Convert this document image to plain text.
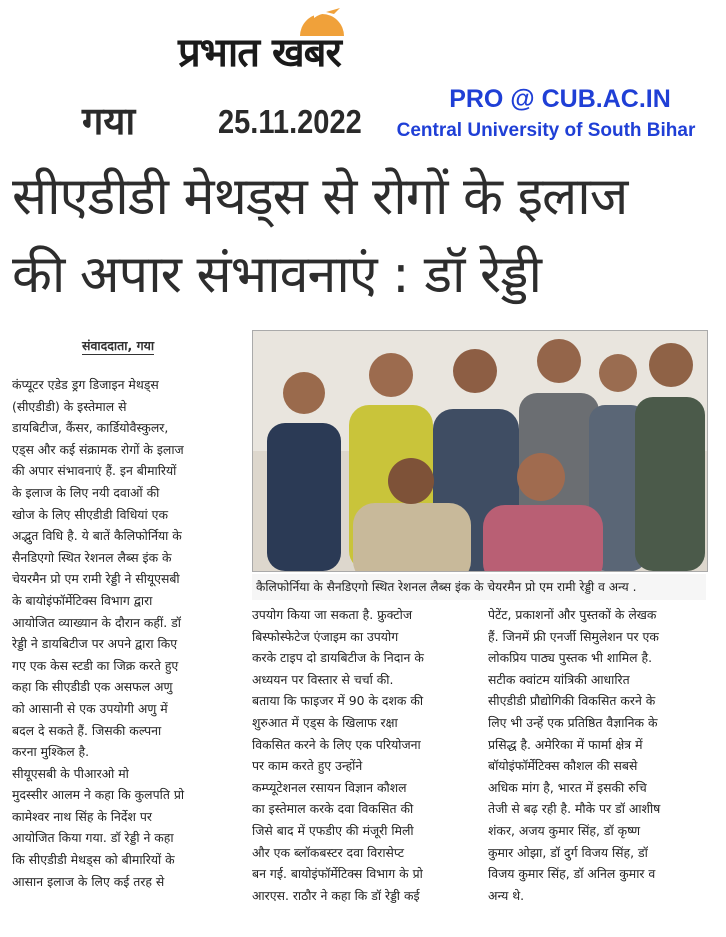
प्रभात खबर
गया	25.11.2022
PRO @ CUB.AC.IN
Central University of South Bihar
सीएडीडी मेथड्स से रोगों के इलाज
की अपार संभावनाएं : डॉ रेड्डी
संवाददाता, गया
कैलिफोर्निया के सैनडिएगो स्थित रेशनल लैब्स इंक के चेयरमैन प्रो एम रामी रेड्डी व अन्य .
कंप्यूटर एडेड ड्रग डिजाइन मेथड्स
(सीएडीडी) के इस्तेमाल से
डायबिटीज, कैंसर, कार्डियोवैस्कुलर,
एड्स और कई संक्रामक रोगों के इलाज
की अपार संभावनाएं हैं. इन बीमारियों
के इलाज के लिए नयी दवाओं की
खोज के लिए सीएडीडी विधियां एक
अद्भुत विधि है. ये बातें कैलिफोर्निया के
सैनडिएगो स्थित रेशनल लैब्स इंक के
चेयरमैन प्रो एम रामी रेड्डी ने सीयूएसबी
के बायोइंफॉर्मेटिक्स विभाग द्वारा
आयोजित व्याख्यान के दौरान कहीं. डॉ
रेड्डी ने डायबिटीज पर अपने द्वारा किए
गए एक केस स्टडी का जिक्र करते हुए
कहा कि सीएडीडी एक असफल अणु
को आसानी से एक उपयोगी अणु में
बदल दे सकते हैं. जिसकी कल्पना
करना मुश्किल है.
सीयूएसबी के पीआरओ मो
मुदस्सीर आलम ने कहा कि कुलपति प्रो
कामेश्वर नाथ सिंह के निर्देश पर
आयोजित किया गया. डॉ रेड्डी ने कहा
कि सीएडीडी मेथड्स को बीमारियों के
आसान इलाज के लिए कई तरह से
उपयोग किया जा सकता है. फ्रुक्टोज
बिस्फोस्फेटेज एंजाइम का उपयोग
करके टाइप दो डायबिटीज के निदान के
अध्ययन पर विस्तार से चर्चा की.
बताया कि फाइजर में 90 के दशक की
शुरुआत में एड्स के खिलाफ रक्षा
विकसित करने के लिए एक परियोजना
पर काम करते हुए उन्होंने
कम्प्यूटेशनल रसायन विज्ञान कौशल
का इस्तेमाल करके दवा विकसित की
जिसे बाद में एफडीए की मंजूरी मिली
और एक ब्लॉकबस्टर दवा विरासेप्ट
बन गई. बायोइंफॉर्मेटिक्स विभाग के प्रो
आरएस. राठौर ने कहा कि डॉ रेड्डी कई
पेटेंट, प्रकाशनों और पुस्तकों के लेखक
हैं. जिनमें फ्री एनर्जी सिमुलेशन पर एक
लोकप्रिय पाठ्य पुस्तक भी शामिल है.
सटीक क्वांटम यांत्रिकी आधारित
सीएडीडी प्रौद्योगिकी विकसित करने के
लिए भी उन्हें एक प्रतिष्ठित वैज्ञानिक के
प्रसिद्ध है. अमेरिका में फार्मा क्षेत्र में
बॉयोइंफॉर्मेटिक्स कौशल की सबसे
अधिक मांग है, भारत में इसकी रुचि
तेजी से बढ़ रही है. मौके पर डॉ आशीष
शंकर, अजय कुमार सिंह, डॉ कृष्ण
कुमार ओझा, डॉ दुर्ग विजय सिंह, डॉ
विजय कुमार सिंह, डॉ अनिल कुमार व
अन्य थे.
